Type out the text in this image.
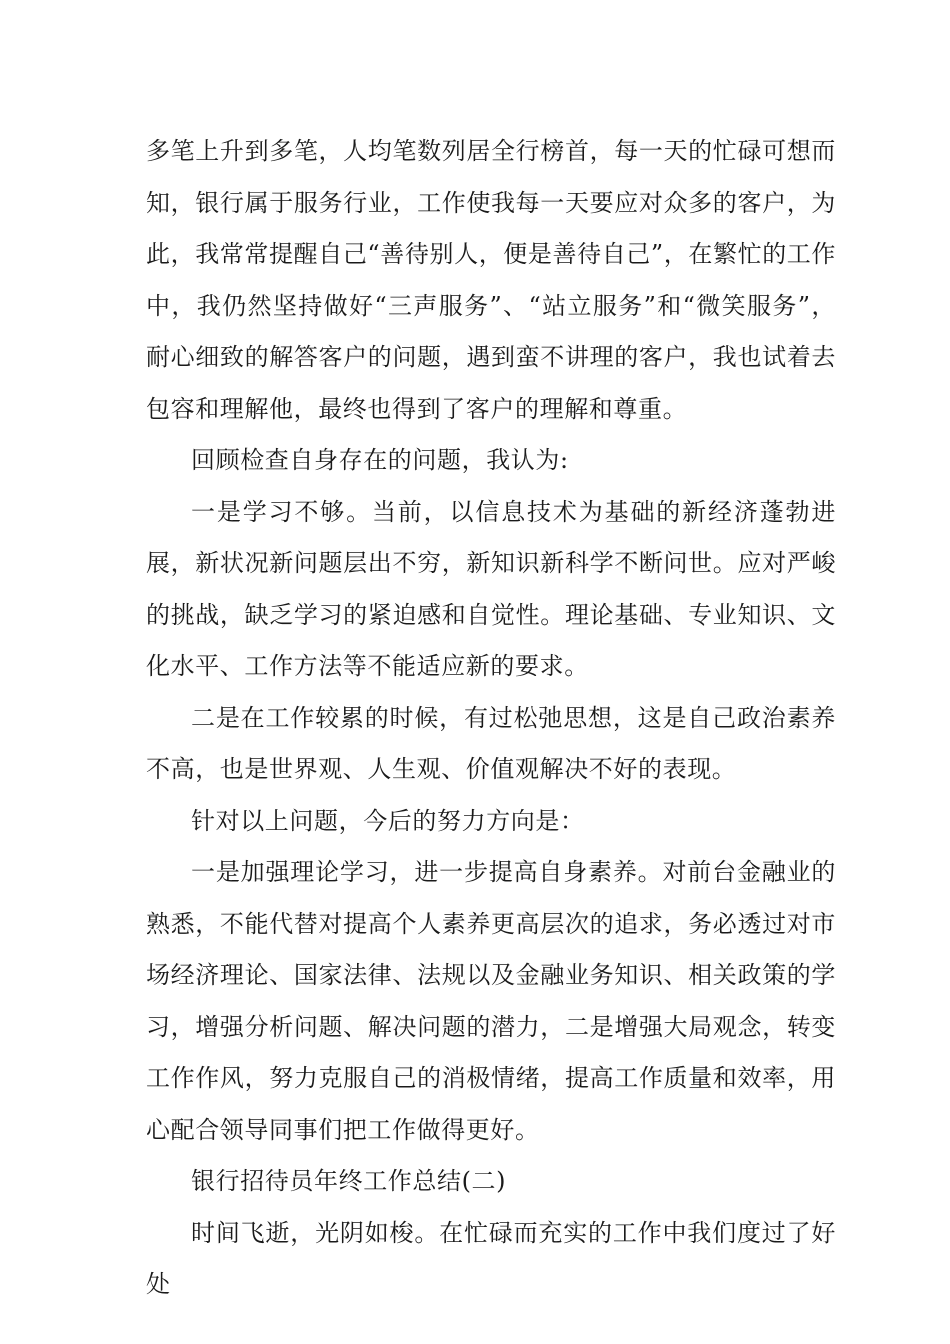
多笔上升到多笔，人均笔数列居全行榜首，每一天的忙碌可想而知，银行属于服务行业，工作使我每一天要应对众多的客户，为此，我常常提醒自己“善待别人，便是善待自己”，在繁忙的工作中，我仍然坚持做好“三声服务”、“站立服务”和“微笑服务”，耐心细致的解答客户的问题，遇到蛮不讲理的客户，我也试着去包容和理解他，最终也得到了客户的理解和尊重。

回顾检查自身存在的问题，我认为:

一是学习不够。当前，以信息技术为基础的新经济蓬勃进展，新状况新问题层出不穷，新知识新科学不断问世。应对严峻的挑战，缺乏学习的紧迫感和自觉性。理论基础、专业知识、文化水平、工作方法等不能适应新的要求。

二是在工作较累的时候，有过松弛思想，这是自己政治素养不高，也是世界观、人生观、价值观解决不好的表现。

针对以上问题，今后的努力方向是：

一是加强理论学习，进一步提高自身素养。对前台金融业的熟悉，不能代替对提高个人素养更高层次的追求，务必透过对市场经济理论、国家法律、法规以及金融业务知识、相关政策的学习，增强分析问题、解决问题的潜力，二是增强大局观念，转变工作作风，努力克服自己的消极情绪，提高工作质量和效率，用心配合领导同事们把工作做得更好。

银行招待员年终工作总结(二)

时间飞逝，光阴如梭。在忙碌而充实的工作中我们度过了好处
